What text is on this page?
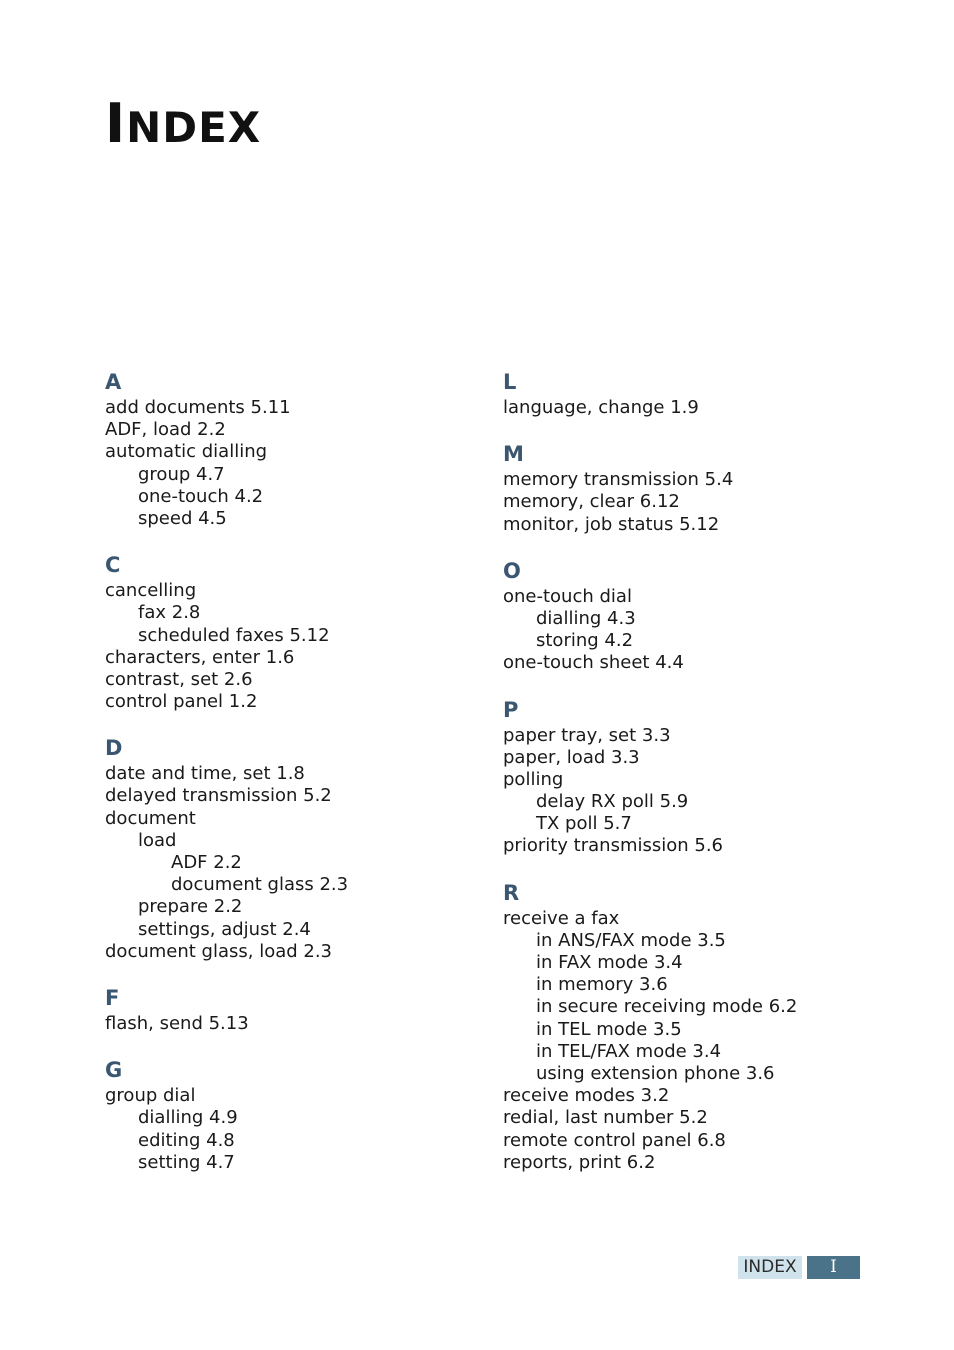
INDEX
A
add documents 5.11
ADF, load 2.2
automatic dialling
group 4.7
one-touch 4.2
speed 4.5
C
cancelling
fax 2.8
scheduled faxes 5.12
characters, enter 1.6
contrast, set 2.6
control panel 1.2
D
date and time, set 1.8
delayed transmission 5.2
document
load
ADF 2.2
document glass 2.3
prepare 2.2
settings, adjust 2.4
document glass, load 2.3
F
flash, send 5.13
G
group dial
dialling 4.9
editing 4.8
setting 4.7
L
language, change 1.9
M
memory transmission 5.4
memory, clear 6.12
monitor, job status 5.12
O
one-touch dial
dialling 4.3
storing 4.2
one-touch sheet 4.4
P
paper tray, set 3.3
paper, load 3.3
polling
delay RX poll 5.9
TX poll 5.7
priority transmission 5.6
R
receive a fax
in ANS/FAX mode 3.5
in FAX mode 3.4
in memory 3.6
in secure receiving mode 6.2
in TEL mode 3.5
in TEL/FAX mode 3.4
using extension phone 3.6
receive modes 3.2
redial, last number 5.2
remote control panel 6.8
reports, print 6.2
INDEX	I
